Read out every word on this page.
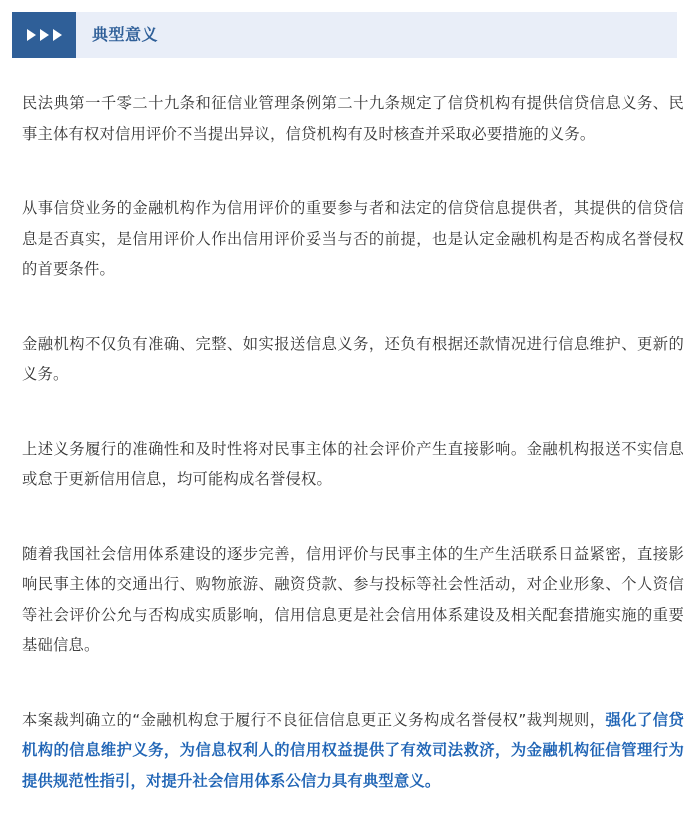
典型意义

民法典第一千零二十九条和征信业管理条例第二十九条规定了信贷机构有提供信贷信息义务、民事主体有权对信用评价不当提出异议，信贷机构有及时核查并采取必要措施的义务。

从事信贷业务的金融机构作为信用评价的重要参与者和法定的信贷信息提供者，其提供的信贷信息是否真实，是信用评价人作出信用评价妥当与否的前提，也是认定金融机构是否构成名誉侵权的首要条件。

金融机构不仅负有准确、完整、如实报送信息义务，还负有根据还款情况进行信息维护、更新的义务。

上述义务履行的准确性和及时性将对民事主体的社会评价产生直接影响。金融机构报送不实信息或怠于更新信用信息，均可能构成名誉侵权。

随着我国社会信用体系建设的逐步完善，信用评价与民事主体的生产生活联系日益紧密，直接影响民事主体的交通出行、购物旅游、融资贷款、参与投标等社会性活动，对企业形象、个人资信等社会评价公允与否构成实质影响，信用信息更是社会信用体系建设及相关配套措施实施的重要基础信息。

本案裁判确立的“金融机构怠于履行不良征信信息更正义务构成名誉侵权”裁判规则，强化了信贷机构的信息维护义务，为信息权利人的信用权益提供了有效司法救济，为金融机构征信管理行为提供规范性指引，对提升社会信用体系公信力具有典型意义。
